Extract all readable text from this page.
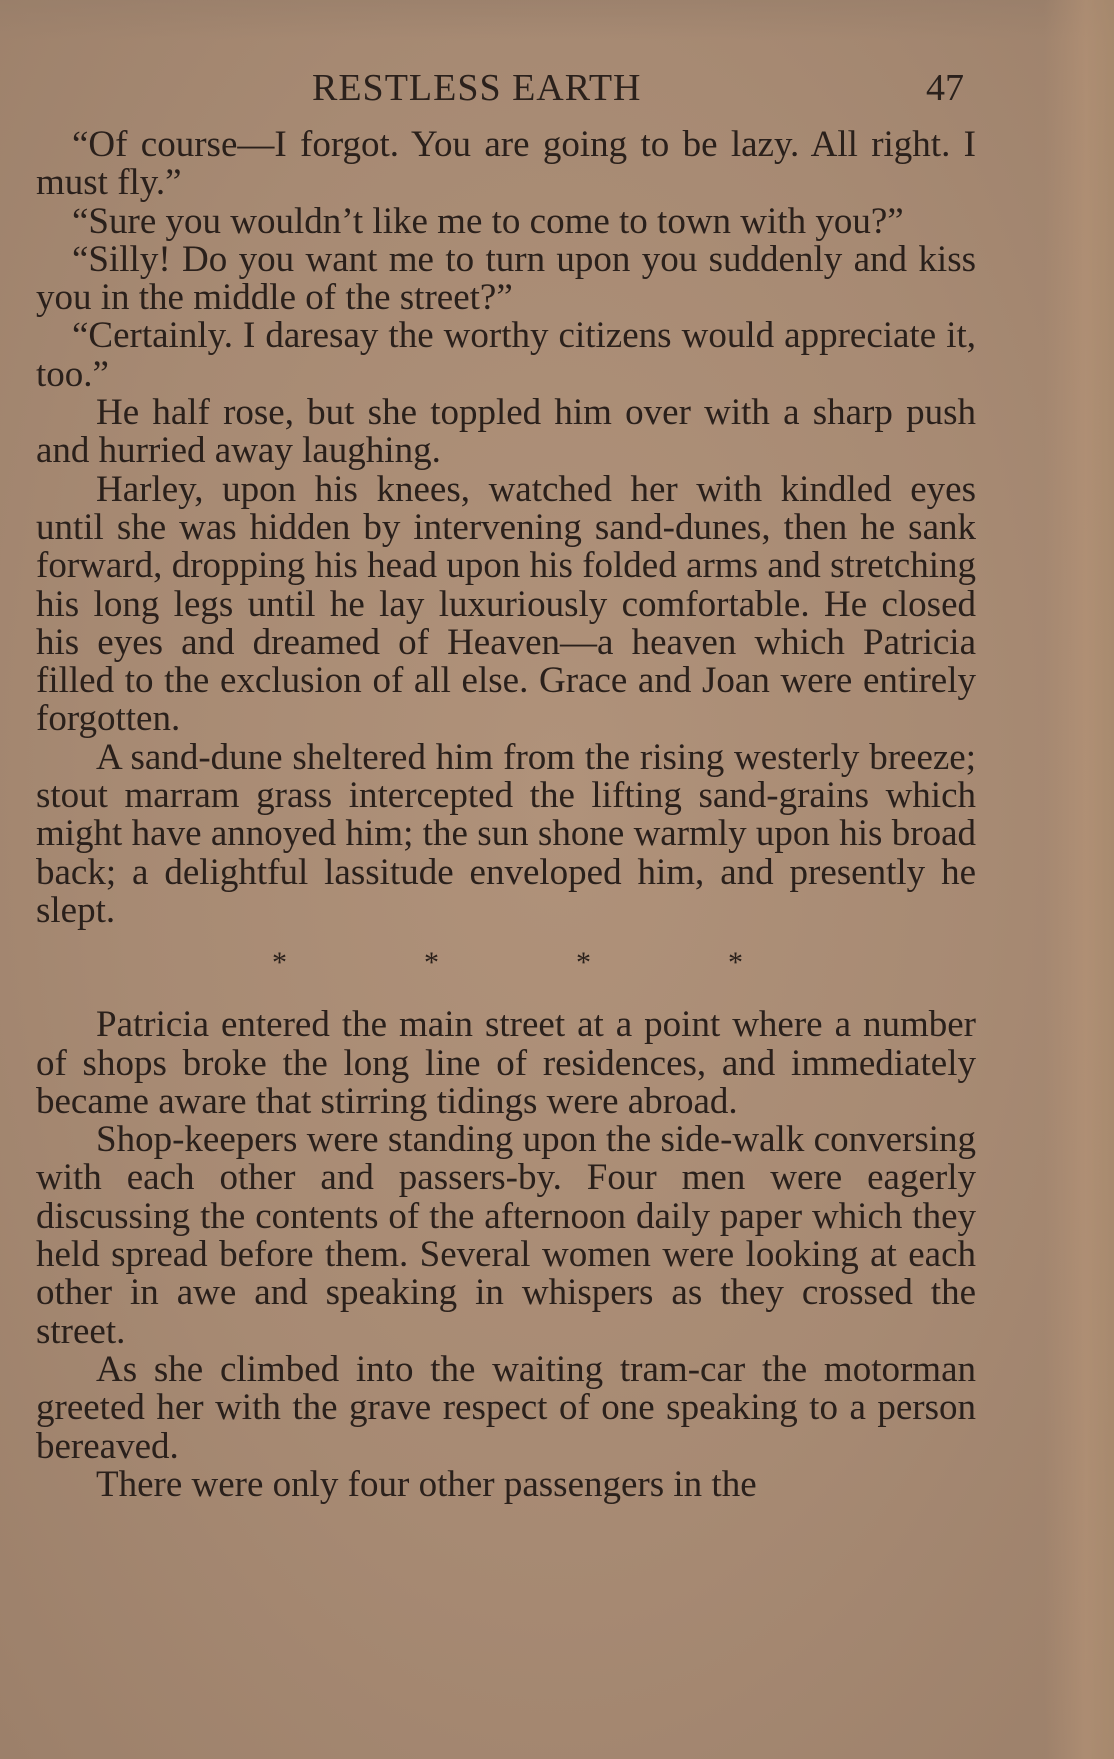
RESTLESS EARTH	47

“Of course—I forgot. You are going to be lazy. All right. I must fly.”

“Sure you wouldn’t like me to come to town with you?”

“Silly! Do you want me to turn upon you suddenly and kiss you in the middle of the street?”

“Certainly. I daresay the worthy citizens would appreciate it, too.”

He half rose, but she toppled him over with a sharp push and hurried away laughing.

Harley, upon his knees, watched her with kindled eyes until she was hidden by intervening sand-dunes, then he sank forward, dropping his head upon his folded arms and stretching his long legs until he lay luxuriously comfortable. He closed his eyes and dreamed of Heaven—a heaven which Patricia filled to the exclusion of all else. Grace and Joan were entirely forgotten.

A sand-dune sheltered him from the rising westerly breeze; stout marram grass intercepted the lifting sand-grains which might have annoyed him; the sun shone warmly upon his broad back; a delightful lassitude enveloped him, and presently he slept.

*	*	*	*

Patricia entered the main street at a point where a number of shops broke the long line of residences, and immediately became aware that stirring tidings were abroad.

Shop-keepers were standing upon the side-walk conversing with each other and passers-by. Four men were eagerly discussing the contents of the afternoon daily paper which they held spread before them. Several women were looking at each other in awe and speaking in whispers as they crossed the street.

As she climbed into the waiting tram-car the motorman greeted her with the grave respect of one speaking to a person bereaved.

There were only four other passengers in the
